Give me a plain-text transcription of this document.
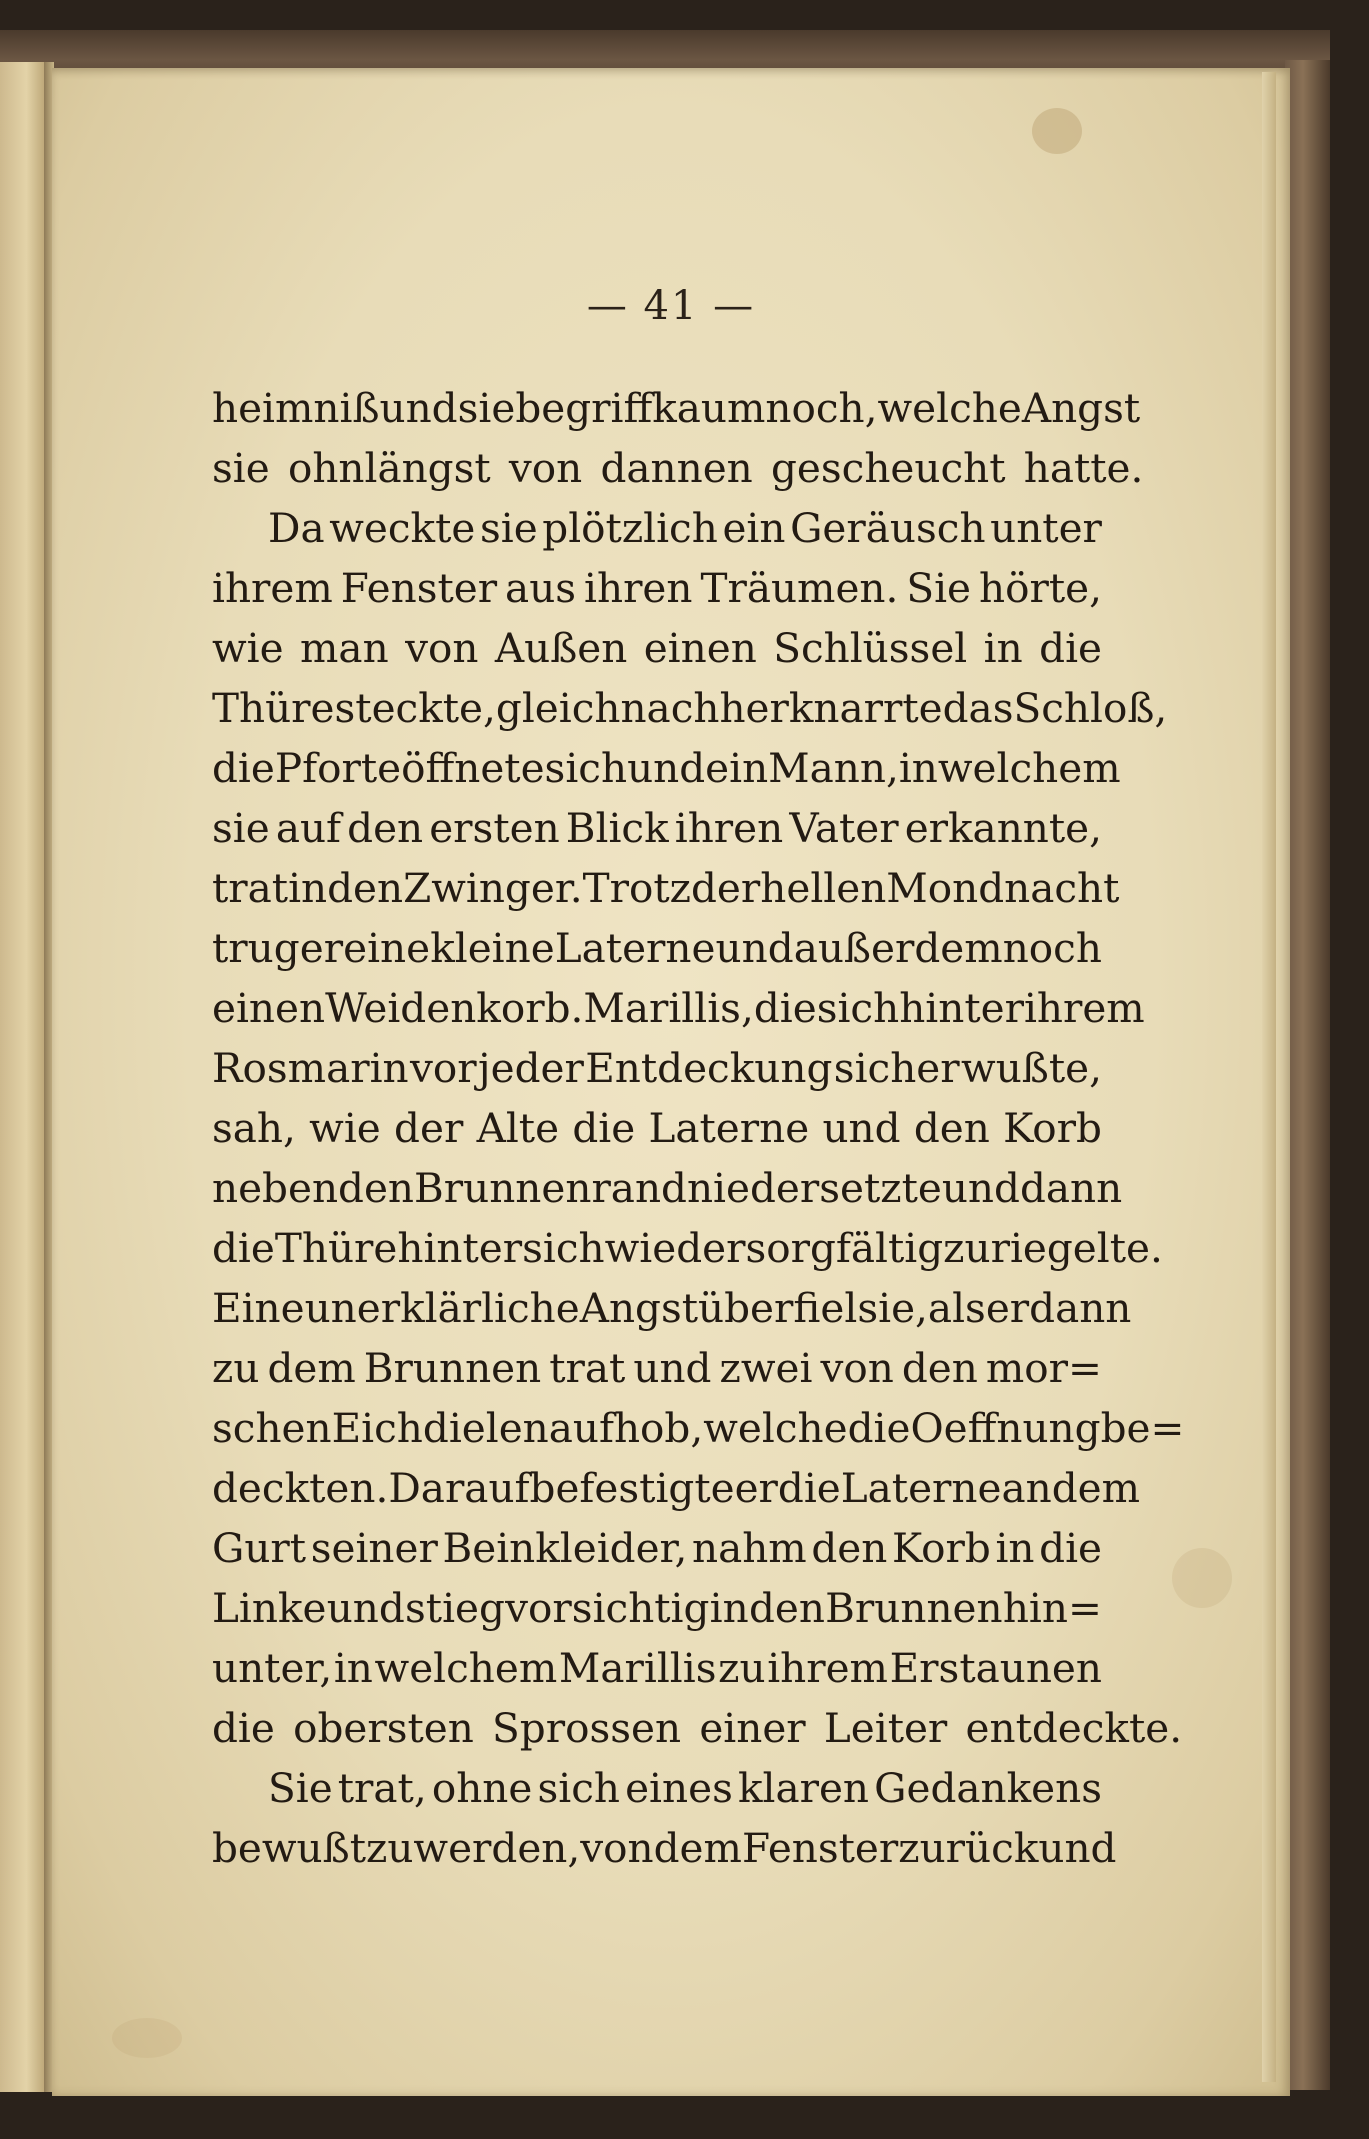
— 41 —
heimniß und sie begriff kaum noch, welche Angst
sie ohnlängst von dannen gescheucht hatte.
Da weckte sie plötzlich ein Geräusch unter
ihrem Fenster aus ihren Träumen. Sie hörte,
wie man von Außen einen Schlüssel in die
Thüre steckte, gleich nachher knarrte das Schloß,
die Pforte öffnete sich und ein Mann, in welchem
sie auf den ersten Blick ihren Vater erkannte,
trat in den Zwinger. Trotz der hellen Mondnacht
trug er eine kleine Laterne und außerdem noch
einen Weidenkorb. Marillis, die sich hinter ihrem
Rosmarin vor jeder Entdeckung sicher wußte,
sah, wie der Alte die Laterne und den Korb
neben den Brunnenrand niedersetzte und dann
die Thüre hinter sich wieder sorgfältig zuriegelte.
Eine unerklärliche Angst überfiel sie, als er dann
zu dem Brunnen trat und zwei von den mor=
schen Eichdielen aufhob, welche die Oeffnung be=
deckten. Darauf befestigte er die Laterne an dem
Gurt seiner Beinkleider, nahm den Korb in die
Linke und stieg vorsichtig in den Brunnen hin=
unter, in welchem Marillis zu ihrem Erstaunen
die obersten Sprossen einer Leiter entdeckte.
Sie trat, ohne sich eines klaren Gedankens
bewußt zu werden, von dem Fenster zurück und
